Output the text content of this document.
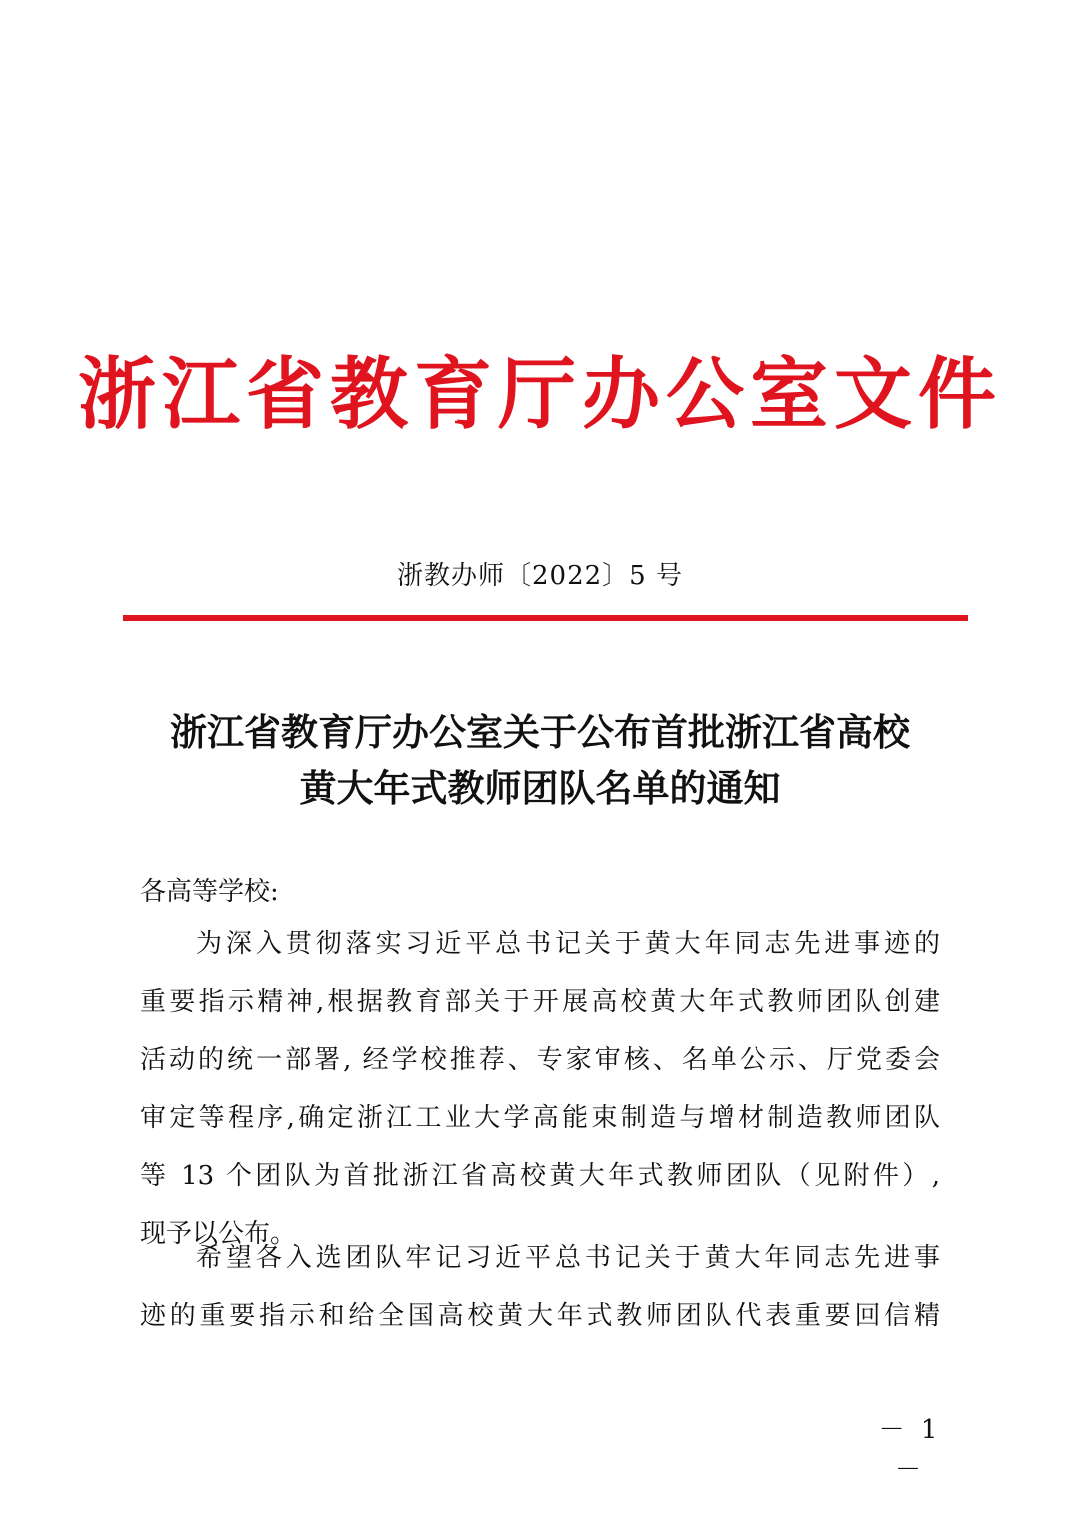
浙江省教育厅办公室文件
浙教办师〔2022〕5 号
浙江省教育厅办公室关于公布首批浙江省高校
黄大年式教师团队名单的通知
各高等学校:
为深入贯彻落实习近平总书记关于黄大年同志先进事迹的
重要指示精神,根据教育部关于开展高校黄大年式教师团队创建
活动的统一部署, 经学校推荐、专家审核、名单公示、厅党委会
审定等程序,确定浙江工业大学高能束制造与增材制造教师团队
等 13 个团队为首批浙江省高校黄大年式教师团队（见附件）,
现予以公布。
希望各入选团队牢记习近平总书记关于黄大年同志先进事
迹的重要指示和给全国高校黄大年式教师团队代表重要回信精
－ 1 －
